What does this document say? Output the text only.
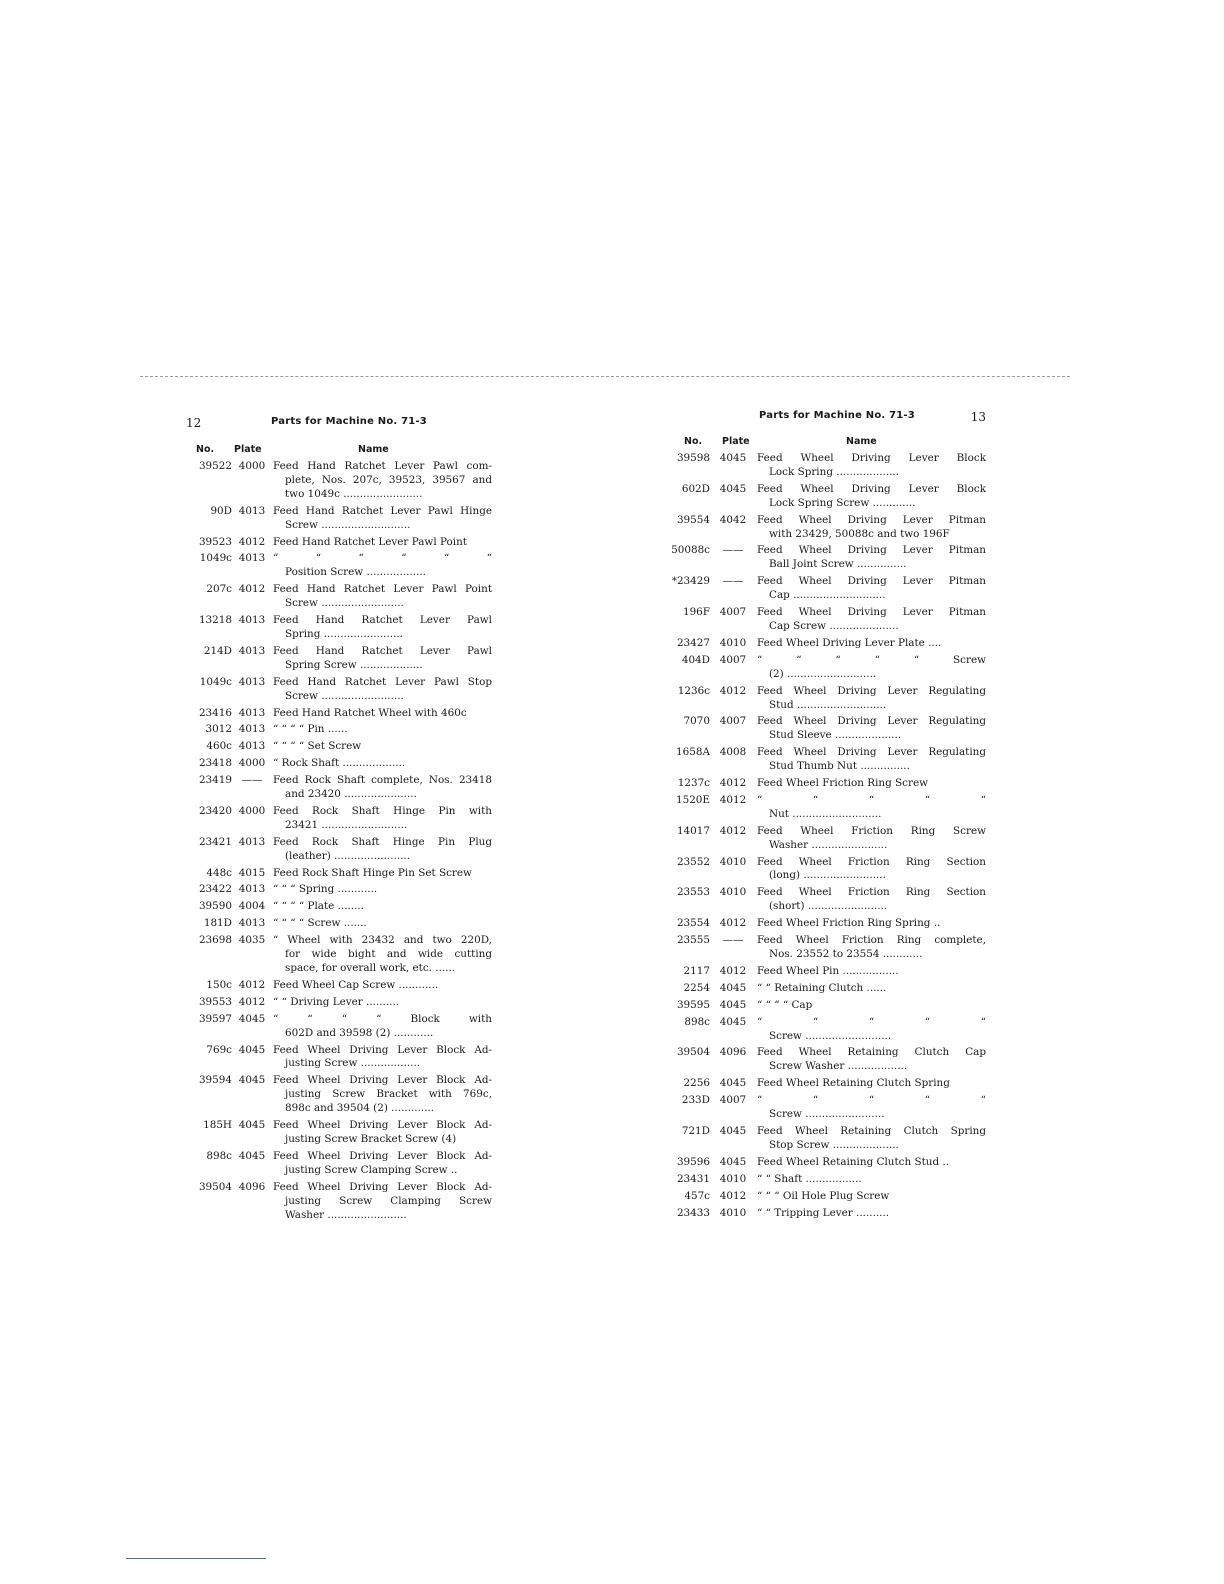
12	Parts for Machine No. 71-3
No. Plate	Name
39522 4000 Feed Hand Ratchet Lever Pawl com-
plete, Nos. 207c, 39523, 39567 and
two 1049c ........................
90D 4013 Feed Hand Ratchet Lever Pawl Hinge
Screw ...........................
39523 4012 Feed Hand Ratchet Lever Pawl Point
1049c 4013 “ “ “ “ “ “
Position Screw ..................
207c 4012 Feed Hand Ratchet Lever Pawl Point
Screw .........................
13218 4013 Feed Hand Ratchet Lever Pawl
Spring ........................
214D 4013 Feed Hand Ratchet Lever Pawl
Spring Screw ...................
1049c 4013 Feed Hand Ratchet Lever Pawl Stop
Screw .........................
23416 4013 Feed Hand Ratchet Wheel with 460c
3012 4013 “ “ “ “ Pin ......
460c 4013 “ “ “ “ Set Screw
23418 4000 “ Rock Shaft ...................
23419 ——	Feed Rock Shaft complete, Nos. 23418
and 23420 ......................
23420 4000 Feed Rock Shaft Hinge Pin with
23421 ..........................
23421 4013 Feed Rock Shaft Hinge Pin Plug
(leather) .......................
448c 4015 Feed Rock Shaft Hinge Pin Set Screw
23422 4013 “ “ “ Spring ............
39590 4004 “ “ “ “ Plate ........
181D 4013 “ “ “ “ Screw .......
23698 4035 “ Wheel with 23432 and two 220D,
for wide bight and wide cutting
space, for overall work, etc. ......
150c 4012 Feed Wheel Cap Screw ............
39553 4012 “ “ Driving Lever ..........
39597 4045 “ “ “ “ Block with
602D and 39598 (2) ............
769c 4045 Feed Wheel Driving Lever Block Ad-
justing Screw ..................
39594 4045 Feed Wheel Driving Lever Block Ad-
justing Screw Bracket with 769c,
898c and 39504 (2) .............
185H 4045 Feed Wheel Driving Lever Block Ad-
justing Screw Bracket Screw (4)
898c 4045 Feed Wheel Driving Lever Block Ad-
justing Screw Clamping Screw ..
39504 4096 Feed Wheel Driving Lever Block Ad-
justing Screw Clamping Screw
Washer ........................
Parts for Machine No. 71-3	13
No. Plate	Name
39598 4045	Feed Wheel Driving Lever Block
Lock Spring ...................
602D 4045	Feed Wheel Driving Lever Block
Lock Spring Screw .............
39554 4042	Feed Wheel Driving Lever Pitman
with 23429, 50088c and two 196F
50088c	——	Feed Wheel Driving Lever Pitman
Ball Joint Screw ...............
*23429	——	Feed Wheel Driving Lever Pitman
Cap ............................
196F 4007	Feed Wheel Driving Lever Pitman
Cap Screw .....................
23427 4010	Feed Wheel Driving Lever Plate ....
404D 4007	“ “ “ “ “ Screw
(2) ...........................
1236c 4012	Feed Wheel Driving Lever Regulating
Stud ...........................
7070 4007	Feed Wheel Driving Lever Regulating
Stud Sleeve ....................
1658A 4008	Feed Wheel Driving Lever Regulating
Stud Thumb Nut ...............
1237c 4012	Feed Wheel Friction Ring Screw
1520E 4012	“ “ “ “ “
Nut ...........................
14017 4012	Feed Wheel Friction Ring Screw
Washer .......................
23552 4010	Feed Wheel Friction Ring Section
(long) .........................
23553 4010	Feed Wheel Friction Ring Section
(short) ........................
23554 4012	Feed Wheel Friction Ring Spring ..
23555	——	Feed Wheel Friction Ring complete,
Nos. 23552 to 23554 ............
2117 4012	Feed Wheel Pin .................
2254 4045	“ “ Retaining Clutch ......
39595 4045	“ “ “ “ Cap
898c 4045	“ “ “ “ “
Screw ..........................
39504 4096	Feed Wheel Retaining Clutch Cap
Screw Washer ..................
2256 4045	Feed Wheel Retaining Clutch Spring
233D 4007	“ “ “ “ “
Screw ........................
721D 4045	Feed Wheel Retaining Clutch Spring
Stop Screw ....................
39596 4045	Feed Wheel Retaining Clutch Stud ..
23431 4010	“ “ Shaft .................
457c 4012	“ “ “ Oil Hole Plug Screw
23433 4010	“ “ Tripping Lever ..........
